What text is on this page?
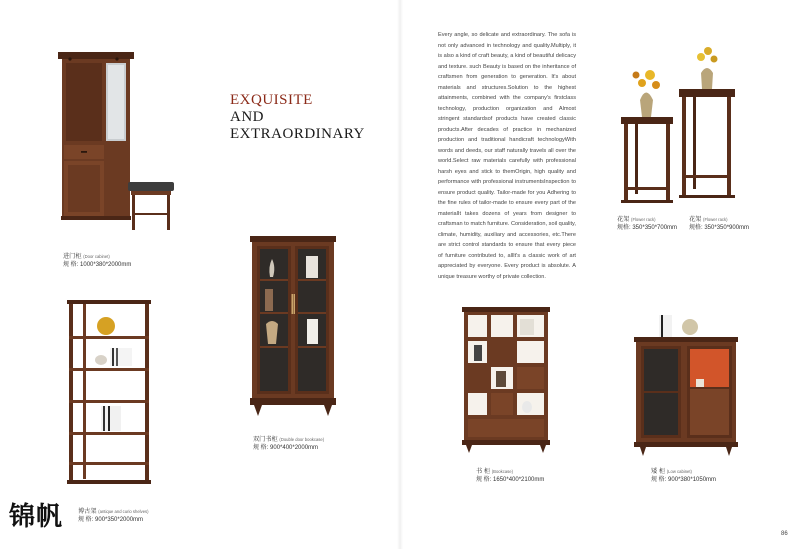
EXQUISITE
AND
EXTRAORDINARY
Every angle, so delicate and extraordinary. The sofa is not only advanced in technology and quality.Multiply, it is also a kind of craft beauty, a kind of beautiful delicacy and texture. such Beauty is based on the inheritance of craftsmen from generation to generation. It's about materials and structures.Solution to the highest attainments, combined with the company's firstclass technology, production organization and Almost stringent standardsof products have created classic products.After decades of practice in mechanized production and traditional handicraft technologyWith words and deeds, our staff naturally travels all over the world.Select raw materials carefully with professional harsh eyes and stick to themOrigin, high quality and performance with professional instrumentsInspection to ensure product quality. Tailor-made for you Adhering to the fine rules of tailor-made to ensure every part of the materialIt takes dozens of years from designer to craftsman to match furniture. Consideration, soil quality, climate, humidity, auxiliary and accessories, etc.There are strict control standards to ensure that every piece of furniture contributed to, allIt's a classic work of art appreciated by everyone. Every product is absolute. A unique treasure worthy of private collection.
进门柜 (Door cabinet)
规 格: 1000*380*2000mm
花架 (Flower rack)
规格: 350*350*700mm
花架 (Flower rack)
规格: 350*350*900mm
双门书柜 (Double door bookcase)
规 格: 900*400*2000mm
博古架 (antique and curio shelves)
规 格: 900*350*2000mm
书 柜 (Bookcase)
规 格: 1650*400*2100mm
矮 柜 (Low cabinet)
规 格: 900*380*1050mm
锦帆
86
